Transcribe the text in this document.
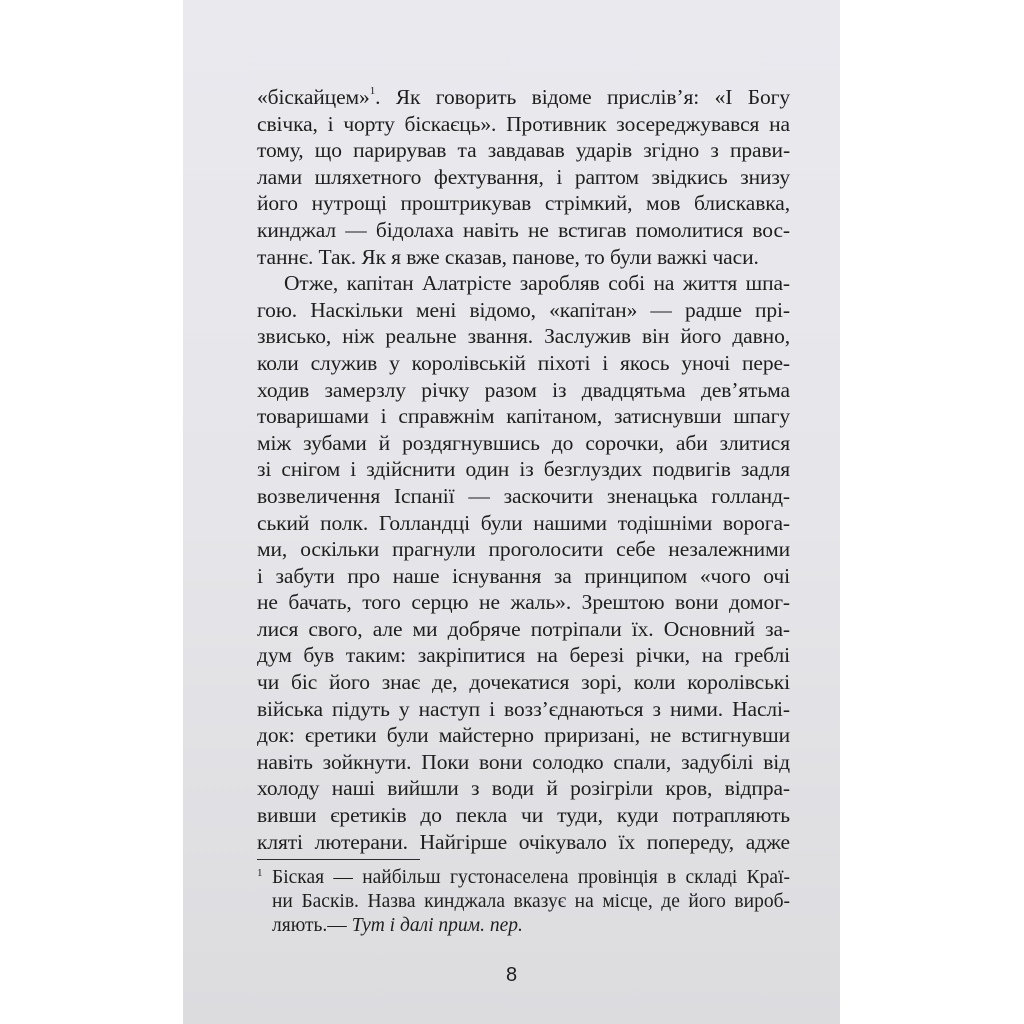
«біскайцем»$^1$. Як говорить відоме прислів’я: «І Богу
свічка, і чорту біскаєць». Противник зосереджувався на
тому, що парирував та завдавав ударів згідно з прави-
лами шляхетного фехтування, і раптом звідкись знизу
його нутрощі проштрикував стрімкий, мов блискавка,
кинджал — бідолаха навіть не встигав помолитися вос-
таннє. Так. Як я вже сказав, панове, то були важкі часи.
Отже, капітан Алатрісте заробляв собі на життя шпа-
гою. Наскільки мені відомо, «капітан» — радше прі-
звисько, ніж реальне звання. Заслужив він його давно,
коли служив у королівській піхоті і якось уночі пере-
ходив замерзлу річку разом із двадцятьма дев’ятьма
товаришами і справжнім капітаном, затиснувши шпагу
між зубами й роздягнувшись до сорочки, аби злитися
зі снігом і здійснити один із безглуздих подвигів задля
возвеличення Іспанії — заскочити зненацька голланд-
ський полк. Голландці були нашими тодішніми ворога-
ми, оскільки прагнули проголосити себе незалежними
і забути про наше існування за принципом «чого очі
не бачать, того серцю не жаль». Зрештою вони домог-
лися свого, але ми добряче потріпали їх. Основний за-
дум був таким: закріпитися на березі річки, на греблі
чи біс його знає де, дочекатися зорі, коли королівські
війська підуть у наступ і возз’єднаються з ними. Наслі-
док: єретики були майстерно приризані, не встигнувши
навіть зойкнути. Поки вони солодко спали, задубілі від
холоду наші вийшли з води й розігріли кров, відпра-
вивши єретиків до пекла чи туди, куди потрапляють
кляті лютерани. Найгірше очікувало їх попереду, адже
1 Біская — найбільш густонаселена провінція в складі Краї-
ни Басків. Назва кинджала вказує на місце, де його вироб-
ляють.— Тут і далі прим. пер.
8
